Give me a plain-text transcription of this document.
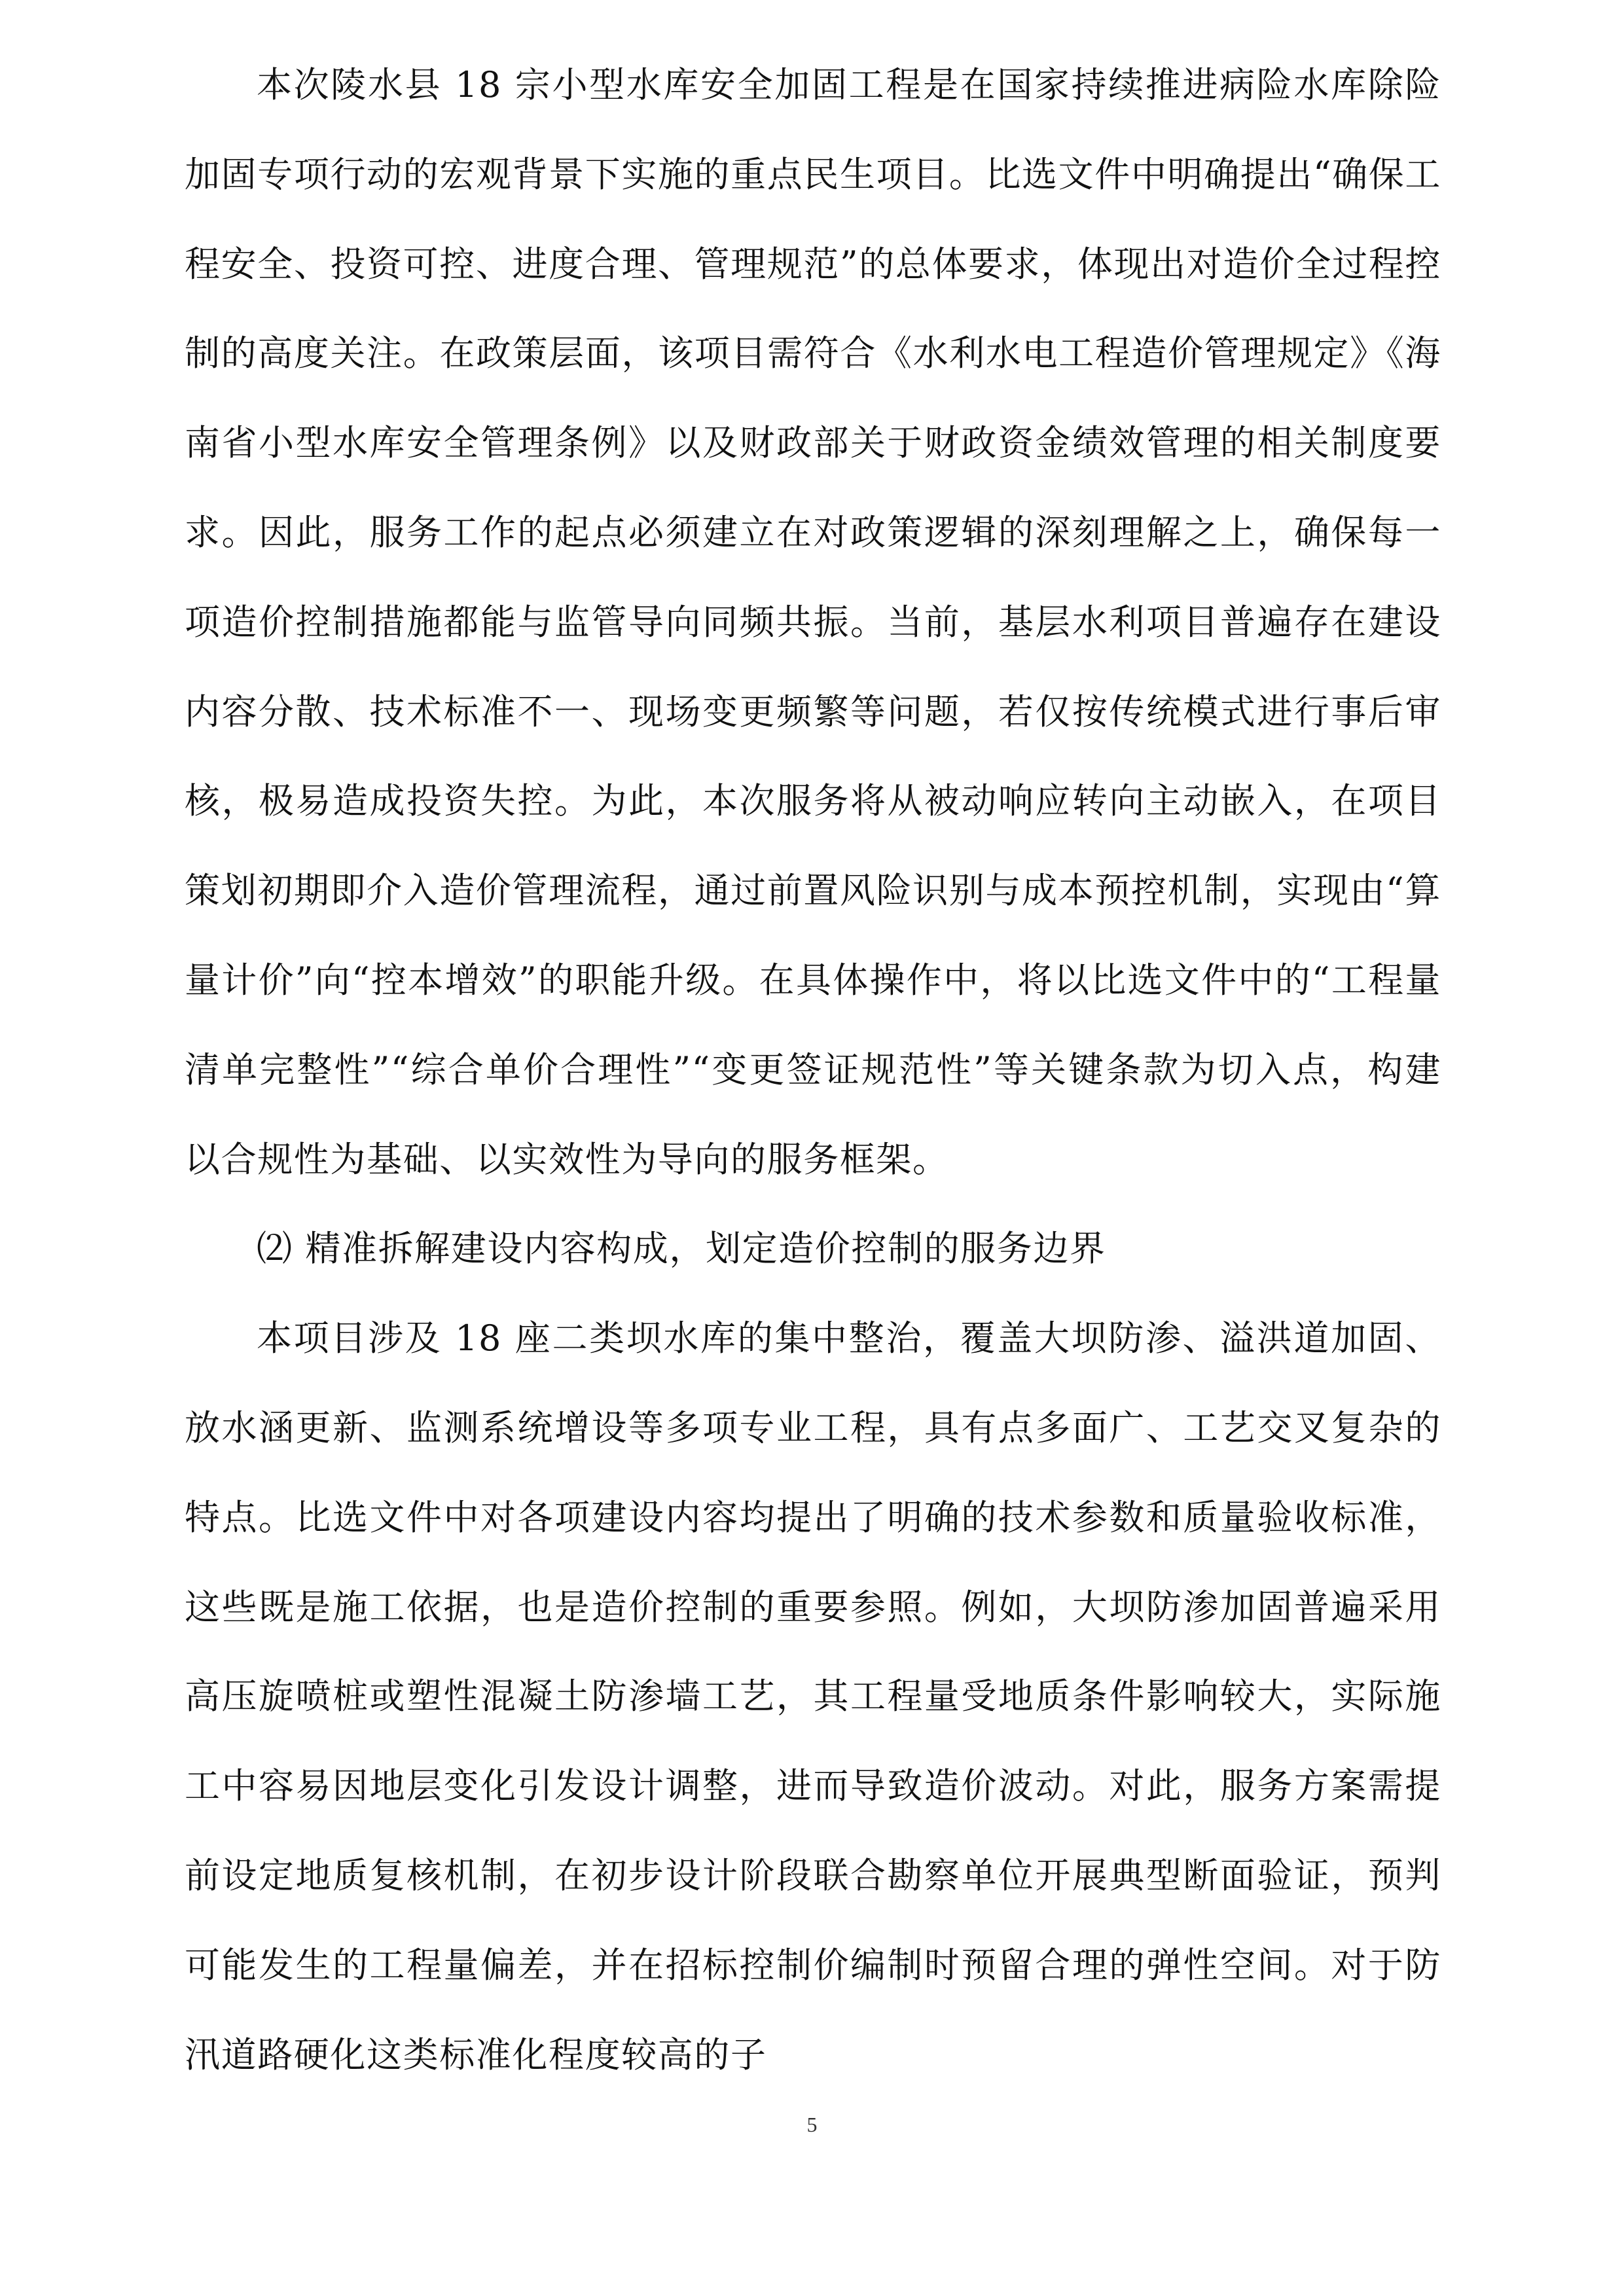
本次陵水县 18 宗小型水库安全加固工程是在国家持续推进病险水库除险加固专项行动的宏观背景下实施的重点民生项目。比选文件中明确提出“确保工程安全、投资可控、进度合理、管理规范”的总体要求，体现出对造价全过程控制的高度关注。在政策层面，该项目需符合《水利水电工程造价管理规定》《海南省小型水库安全管理条例》以及财政部关于财政资金绩效管理的相关制度要求。因此，服务工作的起点必须建立在对政策逻辑的深刻理解之上，确保每一项造价控制措施都能与监管导向同频共振。当前，基层水利项目普遍存在建设内容分散、技术标准不一、现场变更频繁等问题，若仅按传统模式进行事后审核，极易造成投资失控。为此，本次服务将从被动响应转向主动嵌入，在项目策划初期即介入造价管理流程，通过前置风险识别与成本预控机制，实现由“算量计价”向“控本增效”的职能升级。在具体操作中，将以比选文件中的“工程量清单完整性”“综合单价合理性”“变更签证规范性”等关键条款为切入点，构建以合规性为基础、以实效性为导向的服务框架。

⑵ 精准拆解建设内容构成，划定造价控制的服务边界

本项目涉及 18 座二类坝水库的集中整治，覆盖大坝防渗、溢洪道加固、放水涵更新、监测系统增设等多项专业工程，具有点多面广、工艺交叉复杂的特点。比选文件中对各项建设内容均提出了明确的技术参数和质量验收标准，这些既是施工依据，也是造价控制的重要参照。例如，大坝防渗加固普遍采用高压旋喷桩或塑性混凝土防渗墙工艺，其工程量受地质条件影响较大，实际施工中容易因地层变化引发设计调整，进而导致造价波动。对此，服务方案需提前设定地质复核机制，在初步设计阶段联合勘察单位开展典型断面验证，预判可能发生的工程量偏差，并在招标控制价编制时预留合理的弹性空间。对于防汛道路硬化这类标准化程度较高的子

5
